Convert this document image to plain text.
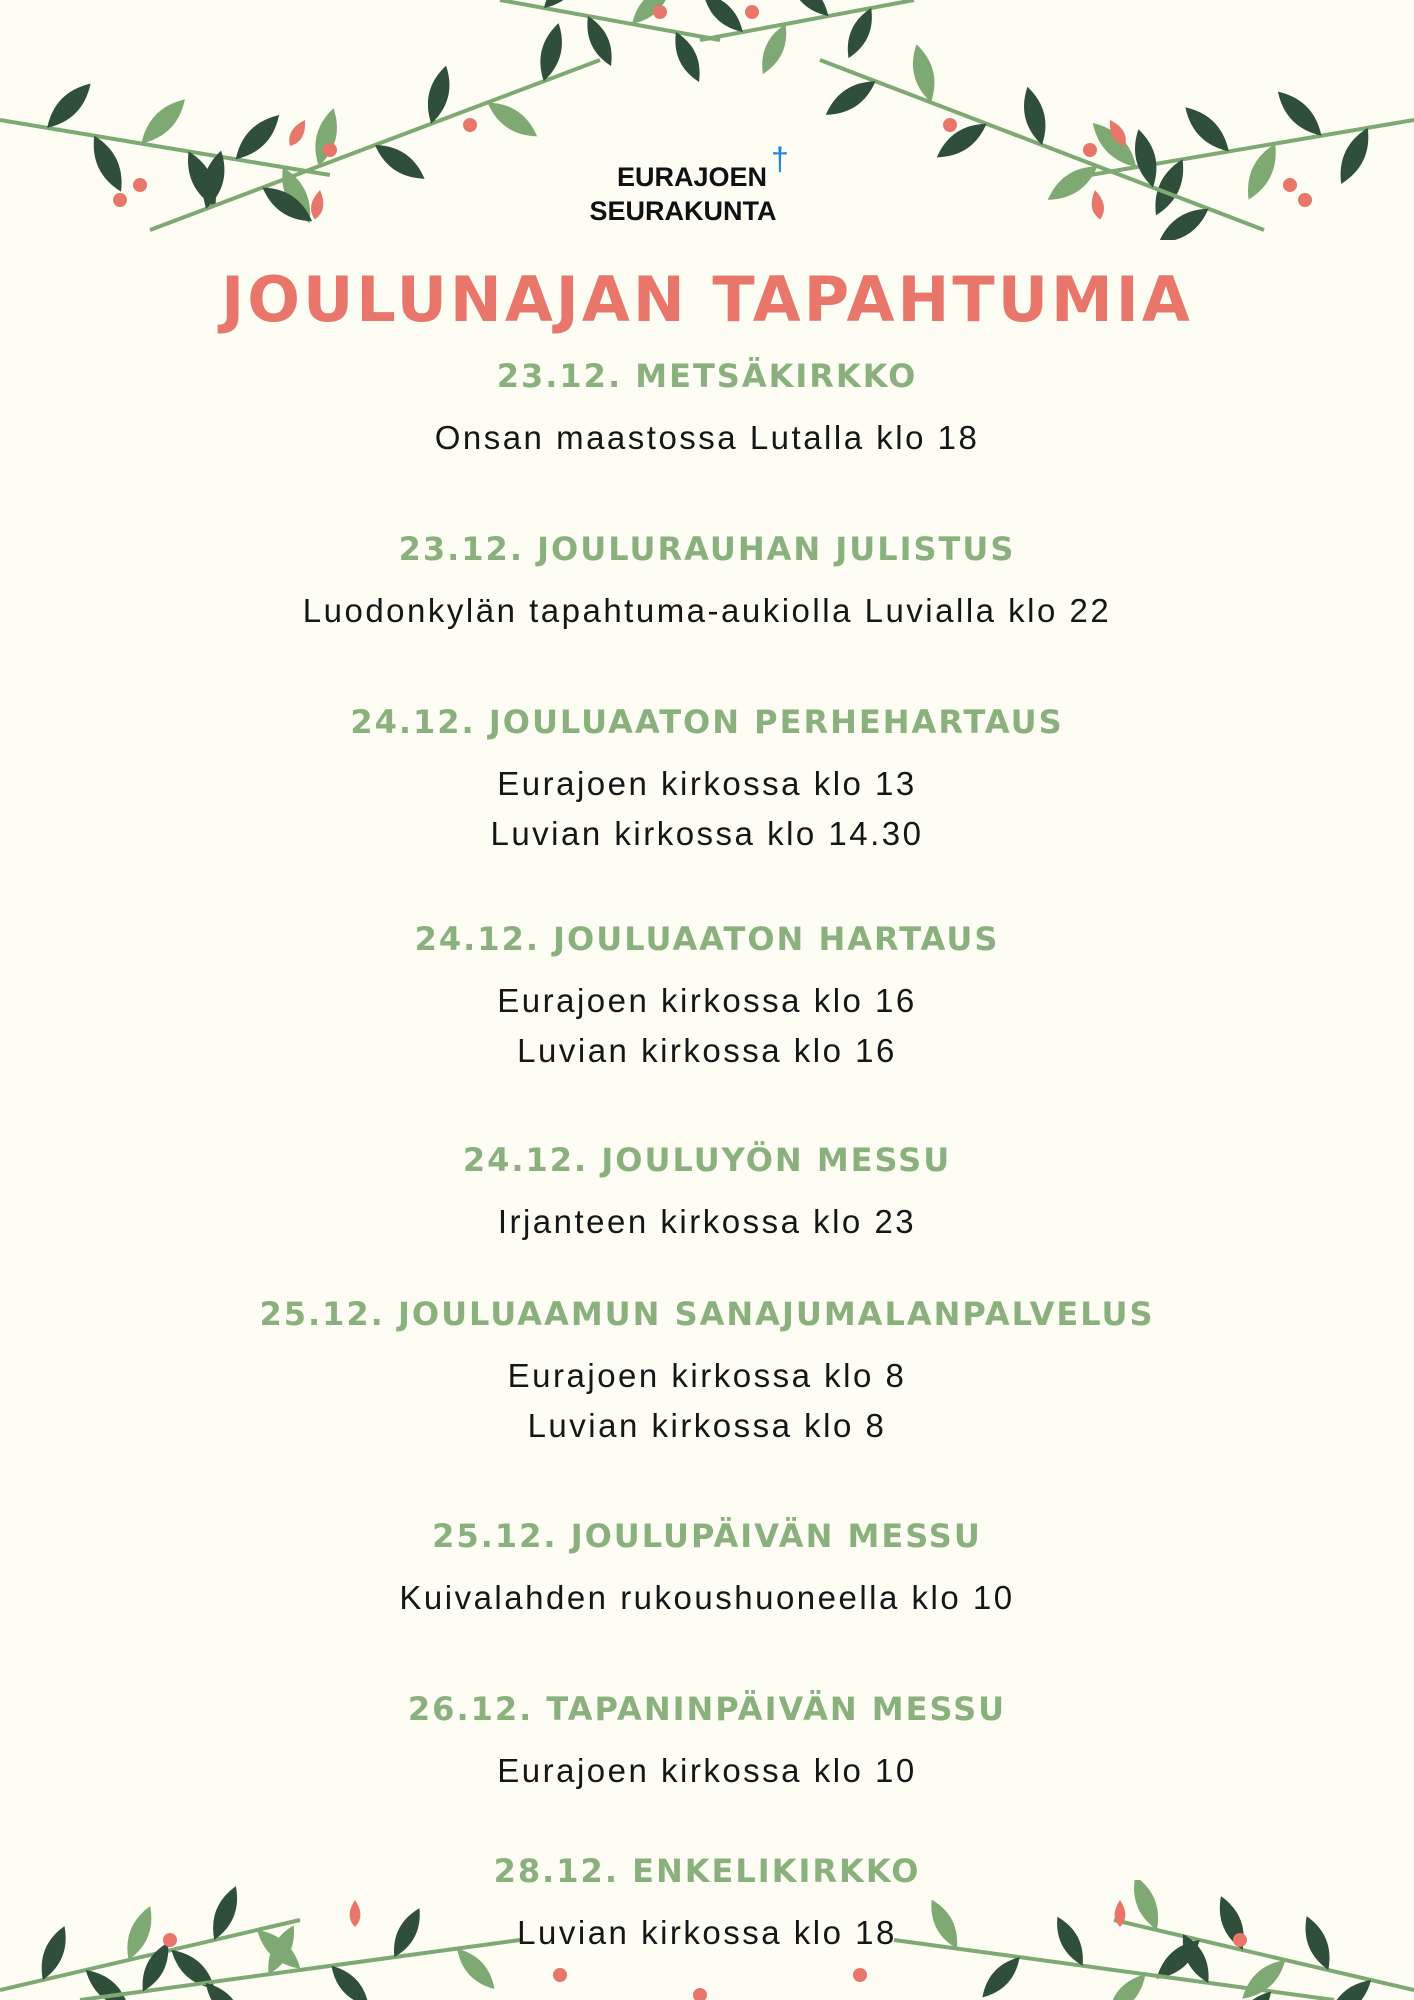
EURAJOEN †
SEURAKUNTA
JOULUNAJAN TAPAHTUMIA
23.12. METSÄKIRKKO
Onsan maastossa Lutalla klo 18
23.12. JOULURAUHAN JULISTUS
Luodonkylän tapahtuma-aukiolla Luvialla klo 22
24.12. JOULUAATON PERHEHARTAUS
Eurajoen kirkossa klo 13
Luvian kirkossa klo 14.30
24.12. JOULUAATON HARTAUS
Eurajoen kirkossa klo 16
Luvian kirkossa klo 16
24.12. JOULUYÖN MESSU
Irjanteen kirkossa klo 23
25.12. JOULUAAMUN SANAJUMALANPALVELUS
Eurajoen kirkossa klo 8
Luvian kirkossa klo 8
25.12. JOULUPÄIVÄN MESSU
Kuivalahden rukoushuoneella klo 10
26.12. TAPANINPÄIVÄN MESSU
Eurajoen kirkossa klo 10
28.12. ENKELIKIRKKO
Luvian kirkossa klo 18
